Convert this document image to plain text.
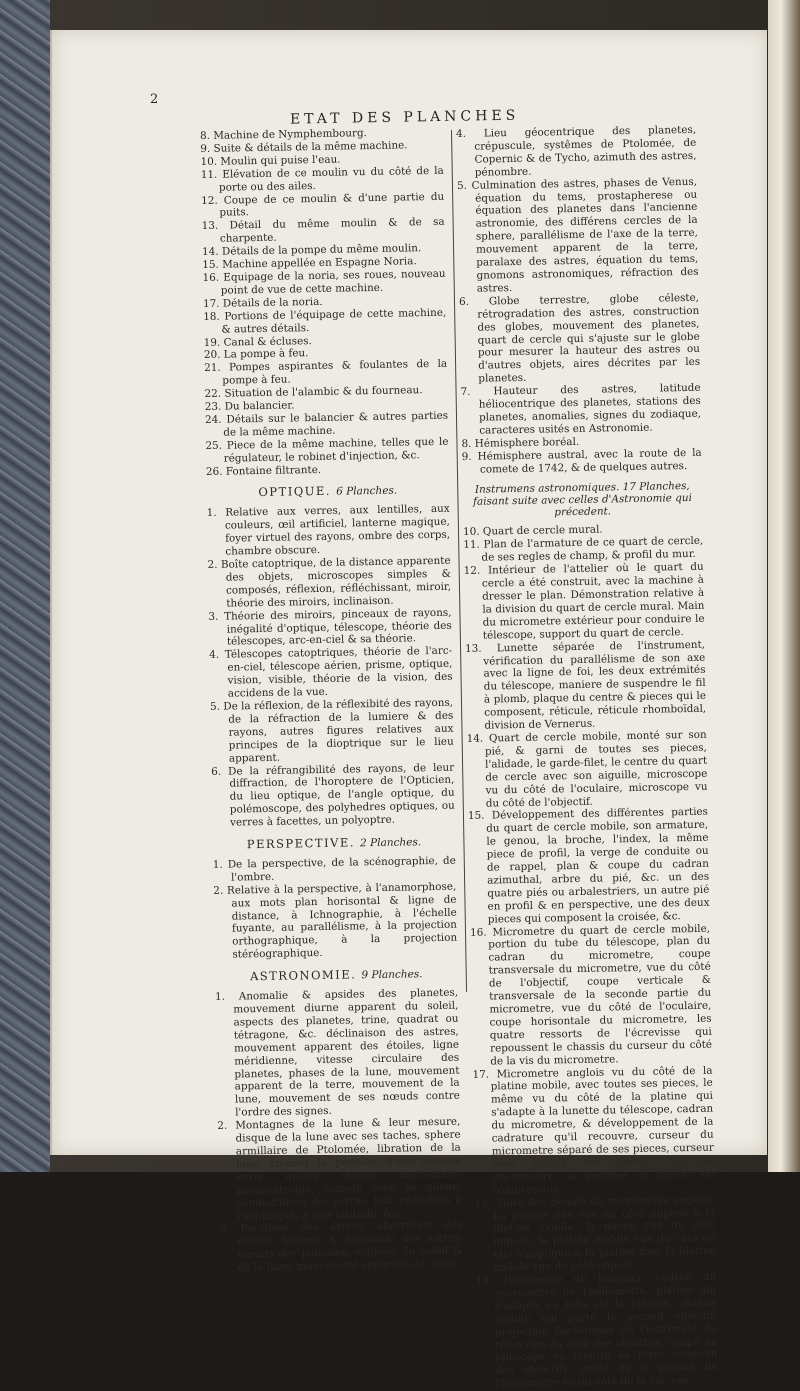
2
ETAT DES PLANCHES

8. Machine de Nymphembourg.

9. Suite & détails de la même machine.

10. Moulin qui puise l'eau.

11. Elévation de ce moulin vu du côté de la porte ou des ailes.

12. Coupe de ce moulin & d'une partie du puits.

13. Détail du même moulin & de sa charpente.

14. Détails de la pompe du même moulin.

15. Machine appellée en Espagne Noria.

16. Equipage de la noria, ses roues, nouveau point de vue de cette machine.

17. Détails de la noria.

18. Portions de l'équipage de cette machine, & autres détails.

19. Canal & écluses.

20. La pompe à feu.

21. Pompes aspirantes & foulantes de la pompe à feu.

22. Situation de l'alambic & du fourneau.

23. Du balancier.

24. Détails sur le balancier & autres parties de la même machine.

25. Piece de la même machine, telles que le régulateur, le robinet d'injection, &c.

26. Fontaine filtrante.

OPTIQUE. 6 Planches.

1. Relative aux verres, aux lentilles, aux couleurs, œil artificiel, lanterne magique, foyer virtuel des rayons, ombre des corps, chambre obscure.

2. Boîte catoptrique, de la distance apparente des objets, microscopes simples & composés, réflexion, réfléchissant, miroir, théorie des miroirs, inclinaison.

3. Théorie des miroirs, pinceaux de rayons, inégalité d'optique, télescope, théorie des télescopes, arc-en-ciel & sa théorie.

4. Télescopes catoptriques, théorie de l'arc-en-ciel, télescope aérien, prisme, optique, vision, visible, théorie de la vision, des accidens de la vue.

5. De la réflexion, de la réflexibité des rayons, de la réfraction de la lumiere & des rayons, autres figures relatives aux principes de la dioptrique sur le lieu apparent.

6. De la réfrangibilité des rayons, de leur diffraction, de l'horoptere de l'Opticien, du lieu optique, de l'angle optique, du polémoscope, des polyhedres optiques, ou verres à facettes, un polyoptre.

PERSPECTIVE. 2 Planches.

1. De la perspective, de la scénographie, de l'ombre.

2. Relative à la perspective, à l'anamorphose, aux mots plan horisontal & ligne de distance, à Ichnographie, à l'échelle fuyante, au parallélisme, à la projection orthographique, à la projection stéréographique.

ASTRONOMIE. 9 Planches.

1. Anomalie & apsides des planetes, mouvement diurne apparent du soleil, aspects des planetes, trine, quadrat ou tétragone, &c. déclinaison des astres, mouvement apparent des étoiles, ligne méridienne, vitesse circulaire des planetes, phases de la lune, mouvement apparent de la terre, mouvement de la lune, mouvement de ses nœuds contre l'ordre des signes.

2. Montagnes de la lune & leur mesure, disque de la lune avec ses taches, sphere armillaire de Ptolomée, libration de la lune, trouver la position d'une comete entre quatre étoiles, mouvement paracentrique, comete avec sa queue, commutation des astres, leur réduction à l'écliptique, à leur latitude, &c.

3. Parallaxe des astres; aberration des étoiles, latitude & longitude des astres, nœuds des planetes, éclipses du soleil & de la lune, mouvement apparent du soleil.

4. Lieu géocentrique des planetes, crépuscule, systêmes de Ptolomée, de Copernic & de Tycho, azimuth des astres, pénombre.

5. Culmination des astres, phases de Venus, équation du tems, prostapherese ou équation des planetes dans l'ancienne astronomie, des différens cercles de la sphere, parallélisme de l'axe de la terre, mouvement apparent de la terre, paralaxe des astres, équation du tems, gnomons astronomiques, réfraction des astres.

6. Globe terrestre, globe céleste, rétrogradation des astres, construction des globes, mouvement des planetes, quart de cercle qui s'ajuste sur le globe pour mesurer la hauteur des astres ou d'autres objets, aires décrites par les planetes.

7. Hauteur des astres, latitude héliocentrique des planetes, stations des planetes, anomalies, signes du zodiaque, caracteres usités en Astronomie.

8. Hémisphere boréal.

9. Hémisphere austral, avec la route de la comete de 1742, & de quelques autres.

Instrumens astronomiques. 17 Planches, faisant suite avec celles d'Astronomie qui précedent.

10. Quart de cercle mural.

11. Plan de l'armature de ce quart de cercle, de ses regles de champ, & profil du mur.

12. Intérieur de l'attelier où le quart du cercle a été construit, avec la machine à dresser le plan. Démonstration relative à la division du quart de cercle mural. Main du micrometre extérieur pour conduire le télescope, support du quart de cercle.

13. Lunette séparée de l'instrument, vérification du parallélisme de son axe avec la ligne de foi, les deux extrémités du télescope, maniere de suspendre le fil à plomb, plaque du centre & pieces qui le composent, réticule, réticule rhomboïdal, division de Vernerus.

14. Quart de cercle mobile, monté sur son pié, & garni de toutes ses pieces, l'alidade, le garde-filet, le centre du quart de cercle avec son aiguille, microscope vu du côté de l'oculaire, microscope vu du côté de l'objectif.

15. Développement des différentes parties du quart de cercle mobile, son armature, le genou, la broche, l'index, la même piece de profil, la verge de conduite ou de rappel, plan & coupe du cadran azimuthal, arbre du pié, &c. un des quatre piés ou arbalestriers, un autre pié en profil & en perspective, une des deux pieces qui composent la croisée, &c.

16. Micrometre du quart de cercle mobile, portion du tube du télescope, plan du cadran du micrometre, coupe transversale du micrometre, vue du côté de l'objectif, coupe verticale & transversale de la seconde partie du micrometre, vue du côté de l'oculaire, coupe horisontale du micrometre, les quatre ressorts de l'écrevisse qui repoussent le chassis du curseur du côté de la vis du micrometre.

17. Micrometre anglois vu du côté de la platine mobile, avec toutes ses pieces, le même vu du côté de la platine qui s'adapte à la lunette du télescope, cadran du micrometre, & développement de la cadrature qu'il recouvre, curseur du micrometre séparé de ses pieces, curseur avec toutes ses pieces, vis du micrometre, sa poignée, le ressort de compression.

18. Suite des détails du micrometre anglois. La platine fixe vue du côté opposé à la platine mobile, la même vue du côté opposé, la platine mobile vue du côté où elle s'applique à la platine fixe, la platine mobile vue du côté opposé.

19. Héliometre de Bouguer, cadran du micrometre de l'héliometre, platine qui s'adapte au tube de la lunette, chassis mobile qui porte le second objectif, projection horisontale de l'extrémité du télescope du côté des objectifs, coupe du télescope ou lunette au foyer commun des objectifs, profil de la platine de l'héliometre vu du côté de la vis, vue
